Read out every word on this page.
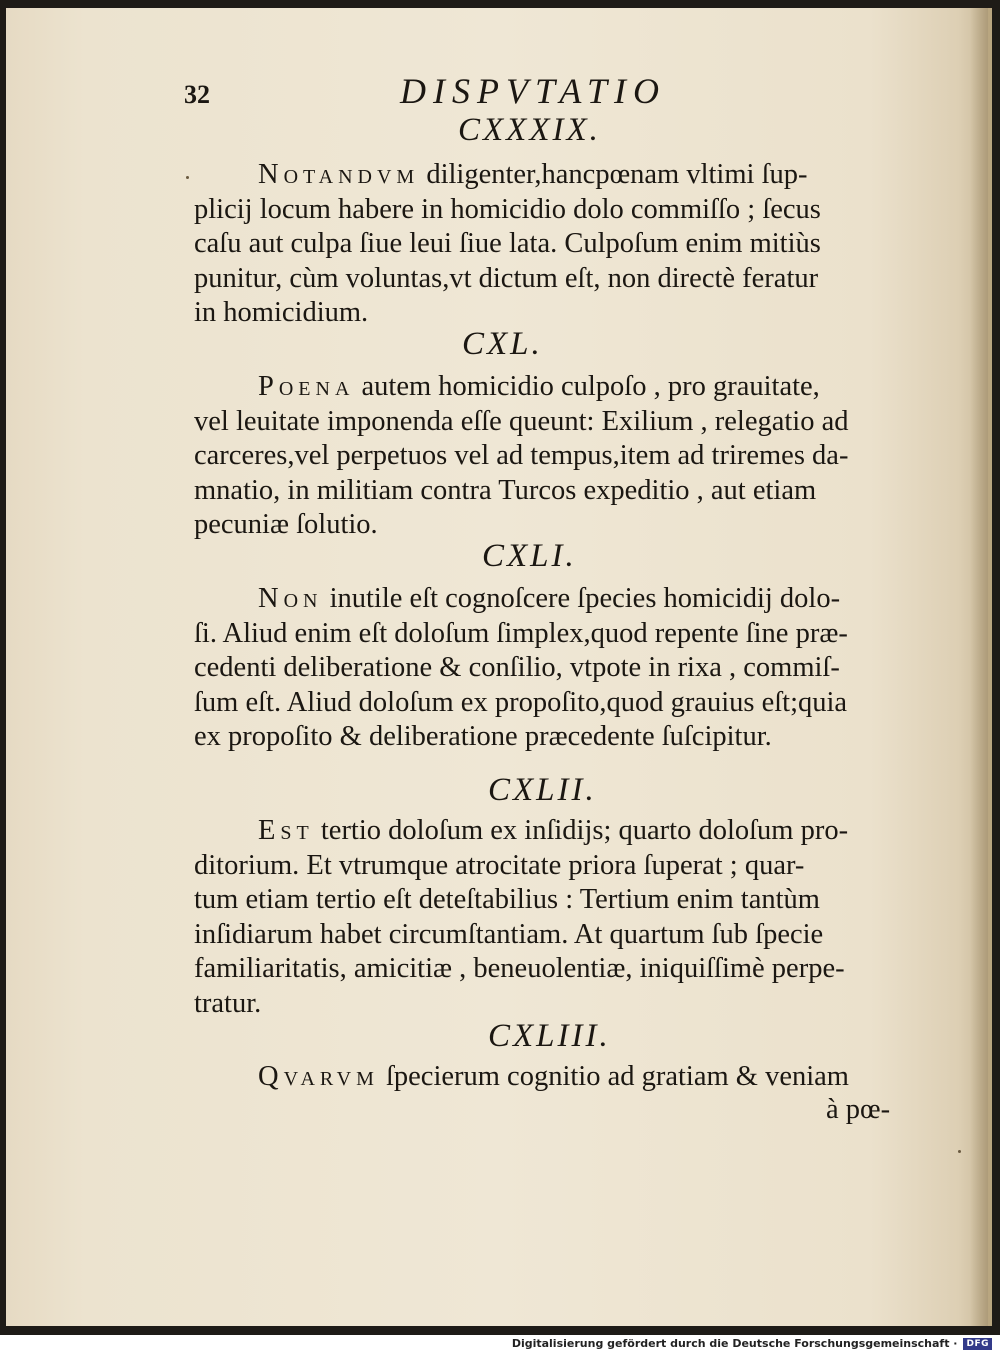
32	DISPVTATIO
CXXXIX.
Notandvm diligenter,hancpœnam vltimi ſup-
plicij locum habere in homicidio dolo commiſſo ; ſecus
caſu aut culpa ſiue leui ſiue lata. Culpoſum enim mitiùs
punitur, cùm voluntas,vt dictum eſt, non directè feratur
in homicidium.
CXL.
Poena autem homicidio culpoſo , pro grauitate,
vel leuitate imponenda eſſe queunt: Exilium , relegatio ad
carceres,vel perpetuos vel ad tempus,item ad triremes da-
mnatio, in militiam contra Turcos expeditio , aut etiam
pecuniæ ſolutio.
CXLI.
Non inutile eſt cognoſcere ſpecies homicidij dolo-
ſi. Aliud enim eſt doloſum ſimplex,quod repente ſine præ-
cedenti deliberatione & conſilio, vtpote in rixa , commiſ-
ſum eſt. Aliud doloſum ex propoſito,quod grauius eſt;quia
ex propoſito & deliberatione præcedente ſuſcipitur.
CXLII.
Est tertio doloſum ex inſidijs; quarto doloſum pro-
ditorium. Et vtrumque atrocitate priora ſuperat ; quar-
tum etiam tertio eſt deteſtabilius : Tertium enim tantùm
inſidiarum habet circumſtantiam. At quartum ſub ſpecie
familiaritatis, amicitiæ , beneuolentiæ, iniquiſſimè perpe-
tratur.
CXLIII.
Qvarvm ſpecierum cognitio ad gratiam & veniam
à pœ-
Digitalisierung gefördert durch die Deutsche Forschungsgemeinschaft ·	DFG
